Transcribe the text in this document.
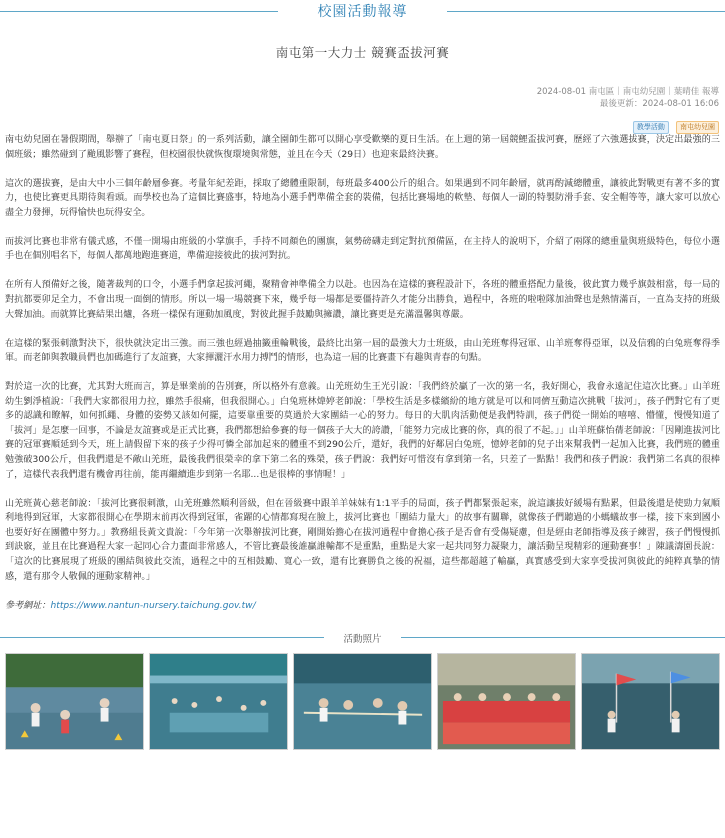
校園活動報導
南屯第一大力士 競賽盃拔河賽
2024-08-01 南屯區｜南屯幼兒園｜葉晴佳 報導
最後更新：2024-08-01 16:06
教學活動 南屯幼兒園

南屯幼兒園在暑假期間，舉辦了「南屯夏日祭」的一系列活動，讓全園師生都可以開心享受歡樂的夏日生活。在上週的第一屆競鯉盃拔河賽，歷經了六強選拔賽，決定出最強的三個班級；雖然碰到了颱風影響了賽程，但校園很快就恢復環境與常態，並且在今天（29日）也迎來最終決賽。

這次的選拔賽，是由大中小三個年齡層參賽。考量年紀差距，採取了總體重限制，每班最多400公斤的組合。如果遇到不同年齡層，就再酌減總體重，讓彼此對戰更有著不多的實力，也使比賽更具期待與看頭。而學校也為了這個比賽盛事，特地為小選手們準備全套的裝備，包括比賽場地的軟墊、每個人一副的特製防滑手套、安全帽等等，讓大家可以放心盡全力發揮，玩得愉快也玩得安全。

而拔河比賽也非常有儀式感，不僅一開場由班級的小掌旗手，手持不同顏色的團旗，氣勢磅礴走到定對抗預備區，在主持人的說明下，介紹了兩隊的總重量與班級特色，每位小選手也在個別唱名下，每個人都萬地跑進賽道，準備迎接彼此的拔河對抗。

在所有人預備好之後，隨著裁判的口令，小選手們拿起拔河繩，聚精會神準備全力以赴。也因為在這樣的賽程設計下，各班的體重搭配力量後，彼此實力幾乎旗鼓相當，每一局的對抗都要卯足全力，不會出現一面倒的情形。所以一場一場競賽下來，幾乎每一場都是要僵持許久才能分出勝負，過程中，各班的啦啦隊加油聲也是熱情滿百，一直為支持的班級大聲加油。而就算比賽結果出爐，各班一樣保有運動加風度，對彼此握手鼓勵與擁讚，讓比賽更是充滿溫馨與尊嚴。

在這樣的緊張刺激對決下，很快就決定出三強。而三強也經過抽籤重輪戰後，最終比出第一屆的最強大力士班級，由山羌班奪得冠軍、山羊班奪得亞軍，以及信鴉的白兔班奪得季軍。而老師與教職員們也加碼進行了友誼賽，大家揮灑汗水用力搏鬥的情形，也為這一屆的比賽畫下有趣與青春的句點。

對於這一次的比賽，尤其對大班而言，算是畢業前的告別賽，所以格外有意義。山羌班幼生王光引說：「我們終於贏了一次的第一名，我好開心，我會永遠記住這次比賽。」山羊班幼生劉淨植說：「我們大家都很用力拉，雖然手很痛，但我很開心。」白兔班林煒婷老師說：「學校生活是多樣繽紛的地方就是可以和同儕互動這次挑戰「拔河」，孩子們對它有了更多的認識和瞭解，如何抓繩、身體的姿勢又該如何擺，這要靠重要的莫過於大家團結一心的努力。每日的大肌肉活動便是我們特訓，孩子們從一開始的嘻嘻、懵懂，慢慢知道了「拔河」是怎麼一回事，不論是友誼賽或是正式比賽，我們都想給參賽的每一個孩子大大的誇讚，「能努力完成比賽的你，真的很了不起。」」山羊班蘇怡蒨老師說：「因剛進拔河比賽的冠軍賽順延到今天，班上請假留下來的孩子少得可憐全部加起來的體重不到290公斤，還好，我們的好鄰居白兔班，憶婷老師的兒子出來幫我們一起加入比賽，我們班的體重勉強破300公斤，但我們還是不敵山羌班，最後我們很榮幸的拿下第二名的殊榮，孩子們說：我們好可惜沒有拿到第一名，只差了一點點！我們和孩子們說：我們第二名真的很棒了，這樣代表我們還有機會再往前，能再繼續進步到第一名耶...也是很棒的事情喔！」

山羌班黃心慈老師說：「拔河比賽很刺激，山羌班雖然順利晉級，但在晉級賽中跟羊羊妹妹有1:1平手的局面，孩子們都緊張起來，說這讓拔好緩場有點累，但最後還是使勁力氣順利地得到冠軍，大家都很開心在學期末前再次得到冠軍，雀躍的心情都寫現在臉上，拔河比賽也「團結力量大」的故事有關聯，就像孩子們聽過的小螞蟻故事一樣，接下來到國小也要好好在團體中努力。」教務組長黃文貴說：「今年第一次舉辦拔河比賽，剛開始擔心在拔河過程中會擔心孩子是否會有受傷疑慮，但是經由老師指導及孩子練習，孩子們慢慢抓到訣竅，並且在比賽過程大家一起同心合力畫面非常感人，不管比賽最後誰贏誰輸都不是重點，重點是大家一起共同努力凝聚力，讓活動呈現精彩的運動賽事！」陳議濤園長說：「這次的比賽展現了班級的團結與彼此交流，過程之中的互相鼓勵、寬心一致，還有比賽勝負之後的祝福，這些都超越了輸贏，真實感受到大家享受拔河與彼此的純粹真摯的情感，還有那令人敬佩的運動家精神。」

參考網址：https://www.nantun-nursery.taichung.gov.tw/
活動照片
